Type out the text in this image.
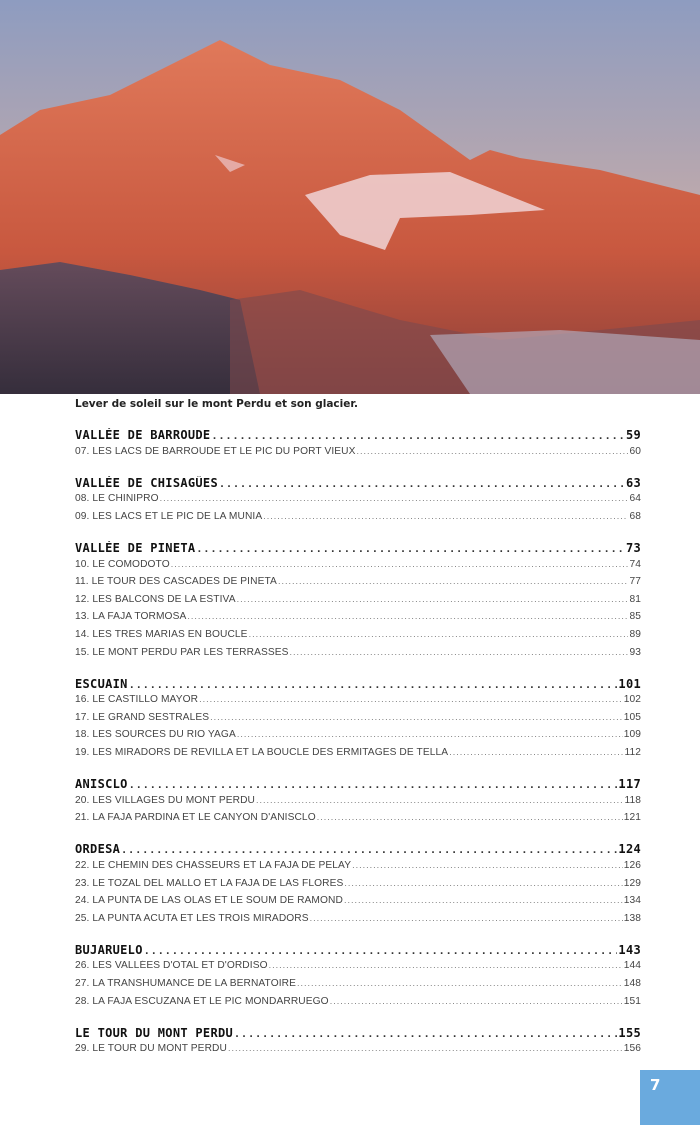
Lever de soleil sur le mont Perdu et son glacier.
VALLÉE DE BARROUDE .....	59
07. LES LACS DE BARROUDE ET LE PIC DU PORT VIEUX .....	60
VALLÉE DE CHISAGÜES .....	63
08. LE CHINIPRO .....	64
09. LES LACS ET LE PIC DE LA MUNIA .....	68
VALLÉE DE PINETA .....	73
10. LE COMODOTO .....	74
11. LE TOUR DES CASCADES DE PINETA .....	77
12. LES BALCONS DE LA ESTIVA .....	81
13. LA FAJA TORMOSA .....	85
14. LES TRES MARIAS EN BOUCLE .....	89
15. LE MONT PERDU PAR LES TERRASSES .....	93
ESCUAIN .....	101
16. LE CASTILLO MAYOR .....	102
17. LE GRAND SESTRALES .....	105
18. LES SOURCES DU RIO YAGA .....	109
19. LES MIRADORS DE REVILLA ET LA BOUCLE DES ERMITAGES DE TELLA .....	112
ANISCLO .....	117
20. LES VILLAGES DU MONT PERDU .....	118
21. LA FAJA PARDINA ET LE CANYON D'ANISCLO .....	121
ORDESA .....	124
22. LE CHEMIN DES CHASSEURS ET LA FAJA DE PELAY .....	126
23. LE TOZAL DEL MALLO ET LA FAJA DE LAS FLORES .....	129
24. LA PUNTA DE LAS OLAS ET LE SOUM DE RAMOND .....	134
25. LA PUNTA ACUTA ET LES TROIS MIRADORS .....	138
BUJARUELO .....	143
26. LES VALLÉES D'OTAL ET D'ORDISO .....	144
27. LA TRANSHUMANCE DE LA BERNATOIRE .....	148
28. LA FAJA ESCUZANA ET LE PIC MONDARRUEGO .....	151
LE TOUR DU MONT PERDU .....	155
29. LE TOUR DU MONT PERDU .....	156
7
